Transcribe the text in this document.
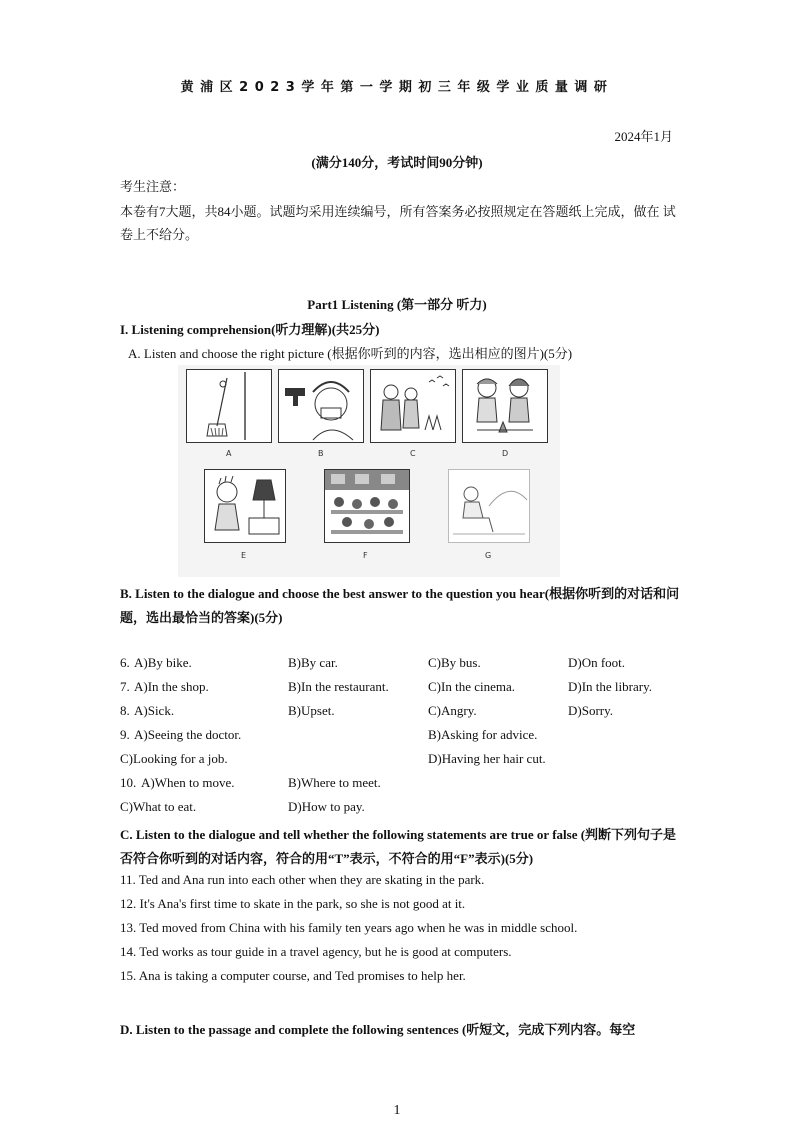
黄浦区2023学年第一学期初三年级学业质量调研
2024年1月
(满分140分，考试时间90分钟)
考生注意：
本卷有7大题，共84小题。试题均采用连续编号，所有答案务必按照规定在答题纸上完成，做在 试卷上不给分。
Part1 Listening (第一部分 听力)
I. Listening comprehension(听力理解)(共25分)
A. Listen and choose the right picture (根据你听到的内容，选出相应的图片)(5分)
A	B	C	D
E	F	G
B. Listen to the dialogue and choose the best answer to the question you hear(根据你听到的对话和问题，选出最恰当的答案)(5分)
6. A)By bike.	B)By car.	C)By bus.	D)On foot.
7. A)In the shop.	B)In the restaurant.	C)In the cinema.	D)In the library.
8. A)Sick.	B)Upset.	C)Angry.	D)Sorry.
9. A)Seeing the doctor.	B)Asking for advice.
C)Looking for a job.	D)Having her hair cut.
10. A)When to move.	B)Where to meet.
C)What to eat.	D)How to pay.
C. Listen to the dialogue and tell whether the following statements are true or false (判断下列句子是否符合你听到的对话内容，符合的用“T”表示，不符合的用“F”表示)(5分)
11. Ted and Ana run into each other when they are skating in the park.
12. It's Ana's first time to skate in the park, so she is not good at it.
13. Ted moved from China with his family ten years ago when he was in middle school.
14. Ted works as tour guide in a travel agency, but he is good at computers.
15. Ana is taking a computer course, and Ted promises to help her.
D. Listen to the passage and complete the following sentences (听短文，完成下列内容。每空
1
